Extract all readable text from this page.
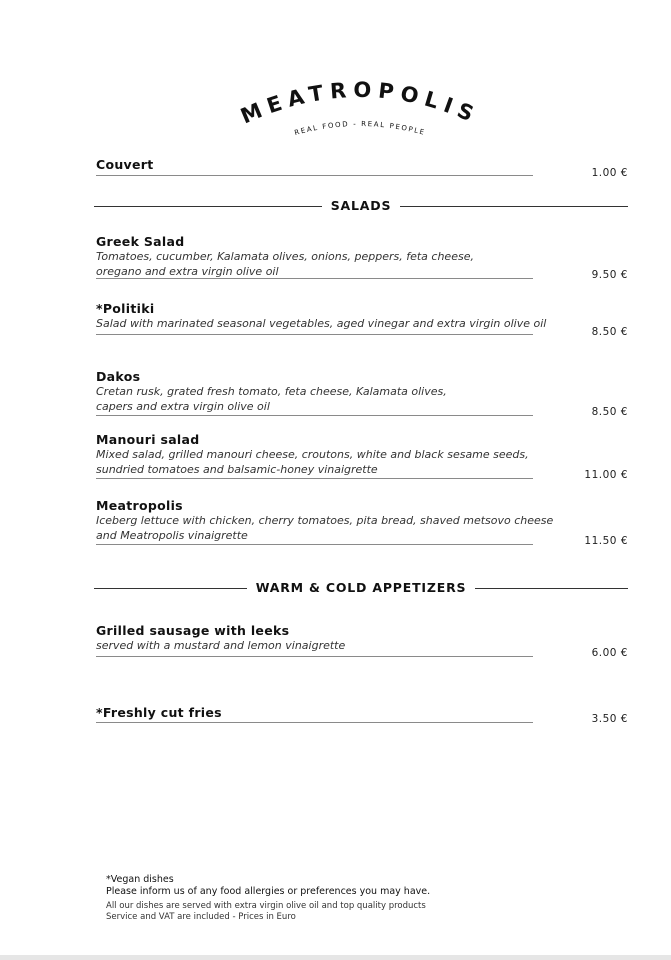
MEATROPOLIS
REAL FOOD - REAL PEOPLE
Couvert
1.00 €
SALADS
Greek Salad
Tomatoes, cucumber, Kalamata olives, onions, peppers, feta cheese,
oregano and extra virgin olive oil	9.50 €
*Politiki
Salad with marinated seasonal vegetables, aged vinegar and extra virgin olive oil
8.50 €
Dakos
Cretan rusk, grated fresh tomato, feta cheese, Kalamata olives,
capers and extra virgin olive oil	8.50 €
Manouri salad
Mixed salad, grilled manouri cheese, croutons, white and black sesame seeds,
sundried tomatoes and balsamic-honey vinaigrette	11.00 €
Meatropolis
Iceberg lettuce with chicken, cherry tomatoes, pita bread, shaved metsovo cheese
and Meatropolis vinaigrette	11.50 €
WARM & COLD APPETIZERS
Grilled sausage with leeks
served with a mustard and lemon vinaigrette
6.00 €
*Freshly cut fries	3.50 €
*Vegan dishes
Please inform us of any food allergies or preferences you may have.
All our dishes are served with extra virgin olive oil and top quality products
Service and VAT are included - Prices in Euro
